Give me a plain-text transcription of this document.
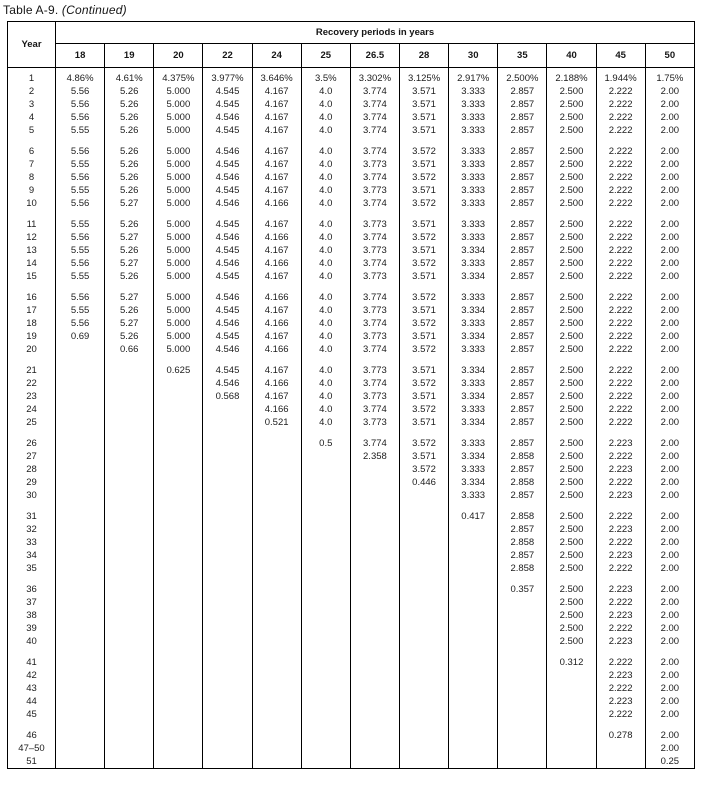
Table A-9. (Continued)
Year	Recovery periods in years												
	18	19	20	22	24	25	26.5	28	30	35	40	45	50
1	4.86%	4.61%	4.375%	3.977%	3.646%	3.5%	3.302%	3.125%	2.917%	2.500%	2.188%	1.944%	1.75%
2	5.56	5.26	5.000	4.545	4.167	4.0	3.774	3.571	3.333	2.857	2.500	2.222	2.00
3	5.56	5.26	5.000	4.545	4.167	4.0	3.774	3.571	3.333	2.857	2.500	2.222	2.00
4	5.56	5.26	5.000	4.546	4.167	4.0	3.774	3.571	3.333	2.857	2.500	2.222	2.00
5	5.55	5.26	5.000	4.545	4.167	4.0	3.774	3.571	3.333	2.857	2.500	2.222	2.00

6	5.56	5.26	5.000	4.546	4.167	4.0	3.774	3.572	3.333	2.857	2.500	2.222	2.00
7	5.55	5.26	5.000	4.545	4.167	4.0	3.773	3.571	3.333	2.857	2.500	2.222	2.00
8	5.56	5.26	5.000	4.546	4.167	4.0	3.774	3.572	3.333	2.857	2.500	2.222	2.00
9	5.55	5.26	5.000	4.545	4.167	4.0	3.773	3.571	3.333	2.857	2.500	2.222	2.00
10	5.56	5.27	5.000	4.546	4.166	4.0	3.774	3.572	3.333	2.857	2.500	2.222	2.00

11	5.55	5.26	5.000	4.545	4.167	4.0	3.773	3.571	3.333	2.857	2.500	2.222	2.00
12	5.56	5.27	5.000	4.546	4.166	4.0	3.774	3.572	3.333	2.857	2.500	2.222	2.00
13	5.55	5.26	5.000	4.545	4.167	4.0	3.773	3.571	3.334	2.857	2.500	2.222	2.00
14	5.56	5.27	5.000	4.546	4.166	4.0	3.774	3.572	3.333	2.857	2.500	2.222	2.00
15	5.55	5.26	5.000	4.545	4.167	4.0	3.773	3.571	3.334	2.857	2.500	2.222	2.00

16	5.56	5.27	5.000	4.546	4.166	4.0	3.774	3.572	3.333	2.857	2.500	2.222	2.00
17	5.55	5.26	5.000	4.545	4.167	4.0	3.773	3.571	3.334	2.857	2.500	2.222	2.00
18	5.56	5.27	5.000	4.546	4.166	4.0	3.774	3.572	3.333	2.857	2.500	2.222	2.00
19	0.69	5.26	5.000	4.545	4.167	4.0	3.773	3.571	3.334	2.857	2.500	2.222	2.00
20		0.66	5.000	4.546	4.166	4.0	3.774	3.572	3.333	2.857	2.500	2.222	2.00

21			0.625	4.545	4.167	4.0	3.773	3.571	3.334	2.857	2.500	2.222	2.00
22				4.546	4.166	4.0	3.774	3.572	3.333	2.857	2.500	2.222	2.00
23				0.568	4.167	4.0	3.773	3.571	3.334	2.857	2.500	2.222	2.00
24					4.166	4.0	3.774	3.572	3.333	2.857	2.500	2.222	2.00
25					0.521	4.0	3.773	3.571	3.334	2.857	2.500	2.222	2.00

26						0.5	3.774	3.572	3.333	2.857	2.500	2.223	2.00
27							2.358	3.571	3.334	2.858	2.500	2.222	2.00
28								3.572	3.333	2.857	2.500	2.223	2.00
29								0.446	3.334	2.858	2.500	2.222	2.00
30									3.333	2.857	2.500	2.223	2.00

31									0.417	2.858	2.500	2.222	2.00
32										2.857	2.500	2.223	2.00
33										2.858	2.500	2.222	2.00
34										2.857	2.500	2.223	2.00
35										2.858	2.500	2.222	2.00

36										0.357	2.500	2.223	2.00
37											2.500	2.222	2.00
38											2.500	2.223	2.00
39											2.500	2.222	2.00
40											2.500	2.223	2.00

41											0.312	2.222	2.00
42												2.223	2.00
43												2.222	2.00
44												2.223	2.00
45												2.222	2.00

46												0.278	2.00
47–50													2.00
51													0.25
